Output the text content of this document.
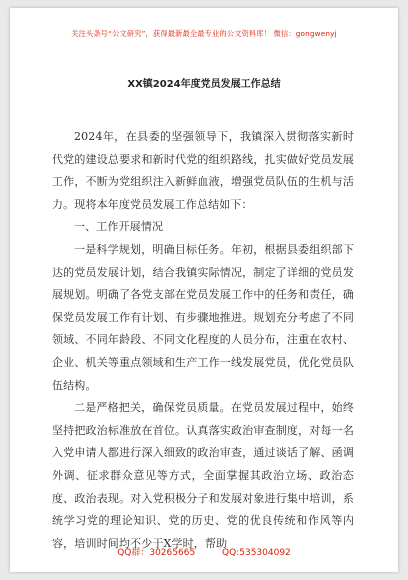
关注头条号“公文研究”，获得最新最全最专业的公文资料库！ 微信：gongwenyj
XX镇2024年度党员发展工作总结

2024年，在县委的坚强领导下，我镇深入贯彻落实新时代党的建设总要求和新时代党的组织路线，扎实做好党员发展工作，不断为党组织注入新鲜血液，增强党员队伍的生机与活力。现将本年度党员发展工作总结如下：

一、工作开展情况

一是科学规划，明确目标任务。年初，根据县委组织部下达的党员发展计划，结合我镇实际情况，制定了详细的党员发展规划。明确了各党支部在党员发展工作中的任务和责任，确保党员发展工作有计划、有步骤地推进。规划充分考虑了不同领域、不同年龄段、不同文化程度的人员分布，注重在农村、企业、机关等重点领域和生产工作一线发展党员，优化党员队伍结构。

二是严格把关，确保党员质量。在党员发展过程中，始终坚持把政治标准放在首位。认真落实政治审查制度，对每一名入党申请人都进行深入细致的政治审查，通过谈话了解、函调外调、征求群众意见等方式，全面掌握其政治立场、政治态度、政治表现。对入党积极分子和发展对象进行集中培训，系统学习党的理论知识、党的历史、党的优良传统和作风等内容，培训时间均不少于X学时，帮助

QQ群：30265665	QQ:535304092
